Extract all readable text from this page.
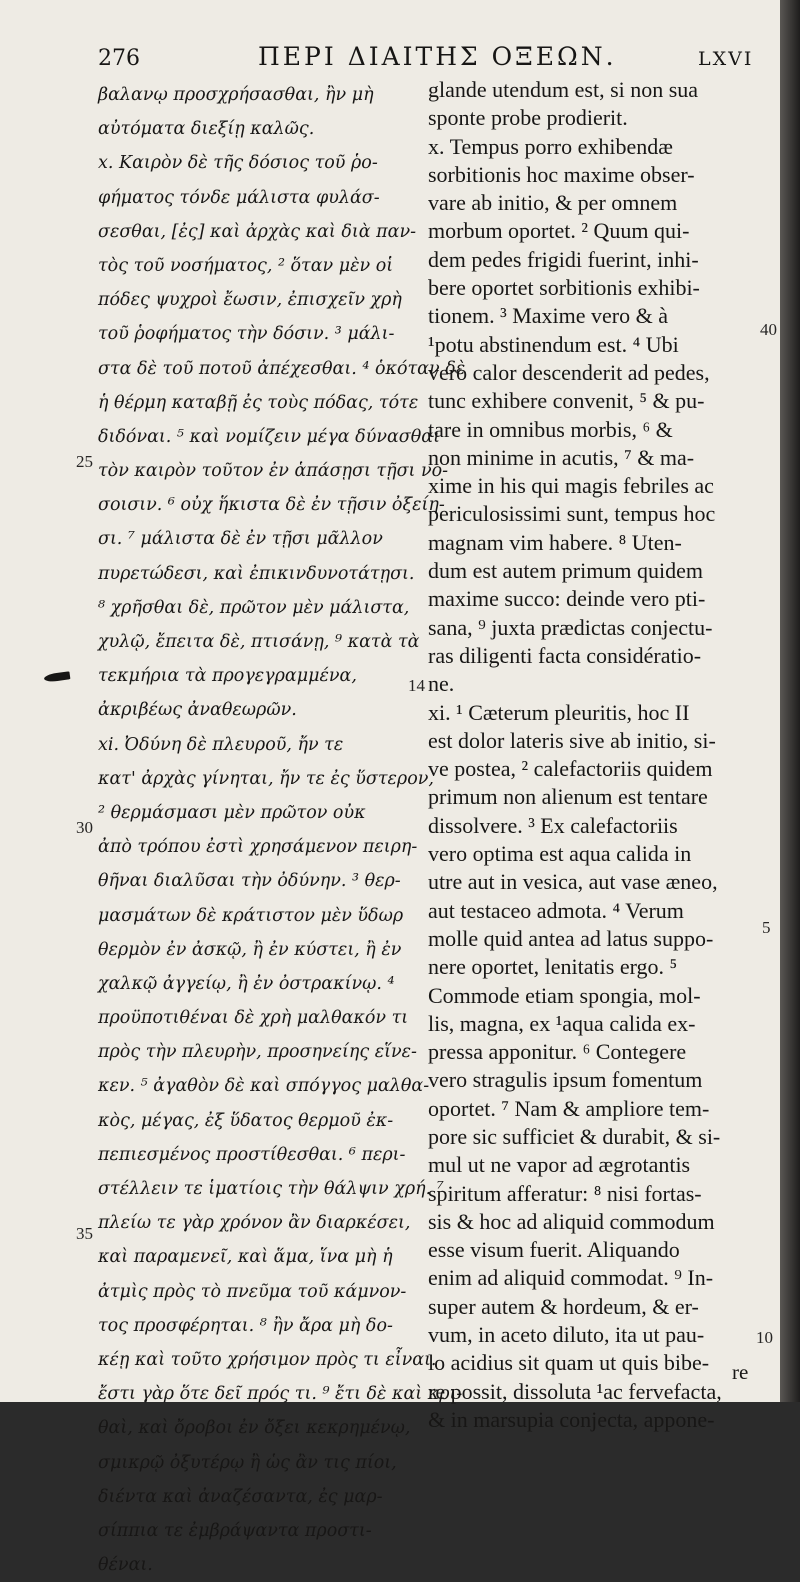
276	ΠΕΡΙ ΔΙΑΙΤΗΣ ΟΞΕΩΝ.	LXVI
βαλανῳ προσχρήσασθαι, ἢν μὴ
αὐτόματα διεξίῃ καλῶς.
x. Καιρὸν δὲ τῆς δόσιος τοῦ ῥο-
φήματος τόνδε μάλιστα φυλάσ-
σεσθαι, [ἐς] καὶ ἀρχὰς καὶ διὰ παν-
τὸς τοῦ νοσήματος, ² ὅταν μὲν οἱ
πόδες ψυχροὶ ἔωσιν, ἐπισχεῖν χρὴ
τοῦ ῥοφήματος τὴν δόσιν. ³ μάλι-
στα δὲ τοῦ ποτοῦ ἀπέχεσθαι. ⁴ ὁκόταν δὲ
ἡ θέρμη καταβῇ ἐς τοὺς πόδας, τότε
διδόναι. ⁵ καὶ νομίζειν μέγα δύνασθαι
τὸν καιρὸν τοῦτον ἐν ἁπάσῃσι τῇσι νο-
σοισιν. ⁶ οὐχ ἥκιστα δὲ ἐν τῇσιν ὀξείῃ-
σι. ⁷ μάλιστα δὲ ἐν τῇσι μᾶλλον
πυρετώδεσι, καὶ ἐπικινδυνοτάτῃσι.
⁸ χρῆσθαι δὲ, πρῶτον μὲν μάλιστα,
χυλῷ, ἔπειτα δὲ, πτισάνῃ, ⁹ κατὰ τὰ
τεκμήρια τὰ προγεγραμμένα,
ἀκριβέως ἀναθεωρῶν.
xi. Ὀδύνη δὲ πλευροῦ, ἤν τε
κατ' ἀρχὰς γίνηται, ἤν τε ἐς ὕστερον,
² θερμάσμασι μὲν πρῶτον οὐκ
ἀπὸ τρόπου ἐστὶ χρησάμενον πειρη-
θῆναι διαλῦσαι τὴν ὀδύνην. ³ θερ-
μασμάτων δὲ κράτιστον μὲν ὕδωρ
θερμὸν ἐν ἀσκῷ, ἢ ἐν κύστει, ἢ ἐν
χαλκῷ ἀγγείῳ, ἢ ἐν ὀστρακίνῳ. ⁴
προϋποτιθέναι δὲ χρὴ μαλθακόν τι
πρὸς τὴν πλευρὴν, προσηνείης εἵνε-
κεν. ⁵ ἀγαθὸν δὲ καὶ σπόγγος μαλθα-
κὸς, μέγας, ἐξ ὕδατος θερμοῦ ἐκ-
πεπιεσμένος προστίθεσθαι. ⁶ περι-
στέλλειν τε ἱματίοις τὴν θάλψιν χρή. ⁷
πλείω τε γὰρ χρόνον ἂν διαρκέσει,
καὶ παραμενεῖ, καὶ ἅμα, ἵνα μὴ ἡ
ἀτμὶς πρὸς τὸ πνεῦμα τοῦ κάμνον-
τος προσφέρηται. ⁸ ἢν ἄρα μὴ δο-
κέῃ καὶ τοῦτο χρήσιμον πρὸς τι εἶναι.
ἔστι γὰρ ὅτε δεῖ πρός τι. ⁹ ἔτι δὲ καὶ κρι-
θαὶ, καὶ ὄροβοι ἐν ὄξει κεκρημένῳ,
σμικρῷ ὀξυτέρῳ ἢ ὡς ἂν τις πίοι,
διέντα καὶ ἀναζέσαντα, ἐς μαρ-
σίππια τε ἐμβράψαντα προστι-
θέναι.
glande utendum est, si non sua
sponte probe prodierit.
x. Tempus porro exhibendæ
sorbitionis hoc maxime obser-
vare ab initio, & per omnem
morbum oportet. ² Quum qui-
dem pedes frigidi fuerint, inhi-
bere oportet sorbitionis exhibi-
tionem. ³ Maxime vero & à
¹potu abstinendum est. ⁴ Ubi
vero calor descenderit ad pedes,
tunc exhibere convenit, ⁵ & pu-
tare in omnibus morbis, ⁶ &
non minime in acutis, ⁷ & ma-
xime in his qui magis febriles ac
periculosissimi sunt, tempus hoc
magnam vim habere. ⁸ Uten-
dum est autem primum quidem
maxime succo: deinde vero pti-
sana, ⁹ juxta prædictas conjectu-
ras diligenti facta considératio-
ne.
xi. ¹ Cæterum pleuritis, hoc II
est dolor lateris sive ab initio, si-
ve postea, ² calefactoriis quidem
primum non alienum est tentare
dissolvere. ³ Ex calefactoriis
vero optima est aqua calida in
utre aut in vesica, aut vase æneo,
aut testaceo admota. ⁴ Verum
molle quid antea ad latus suppo-
nere oportet, lenitatis ergo. ⁵
Commode etiam spongia, mol-
lis, magna, ex ¹aqua calida ex-
pressa apponitur. ⁶ Contegere
vero stragulis ipsum fomentum
oportet. ⁷ Nam & ampliore tem-
pore sic sufficiet & durabit, & si-
mul ut ne vapor ad ægrotantis
spiritum afferatur: ⁸ nisi fortas-
sis & hoc ad aliquid commodum
esse visum fuerit. Aliquando
enim ad aliquid commodat. ⁹ In-
super autem & hordeum, & er-
vum, in aceto diluto, ita ut pau-
lo acidius sit quam ut quis bibe-
re possit, dissoluta ¹ac fervefacta,
& in marsupia conjecta, appone-
25
30
35
14
40
5
10
re
